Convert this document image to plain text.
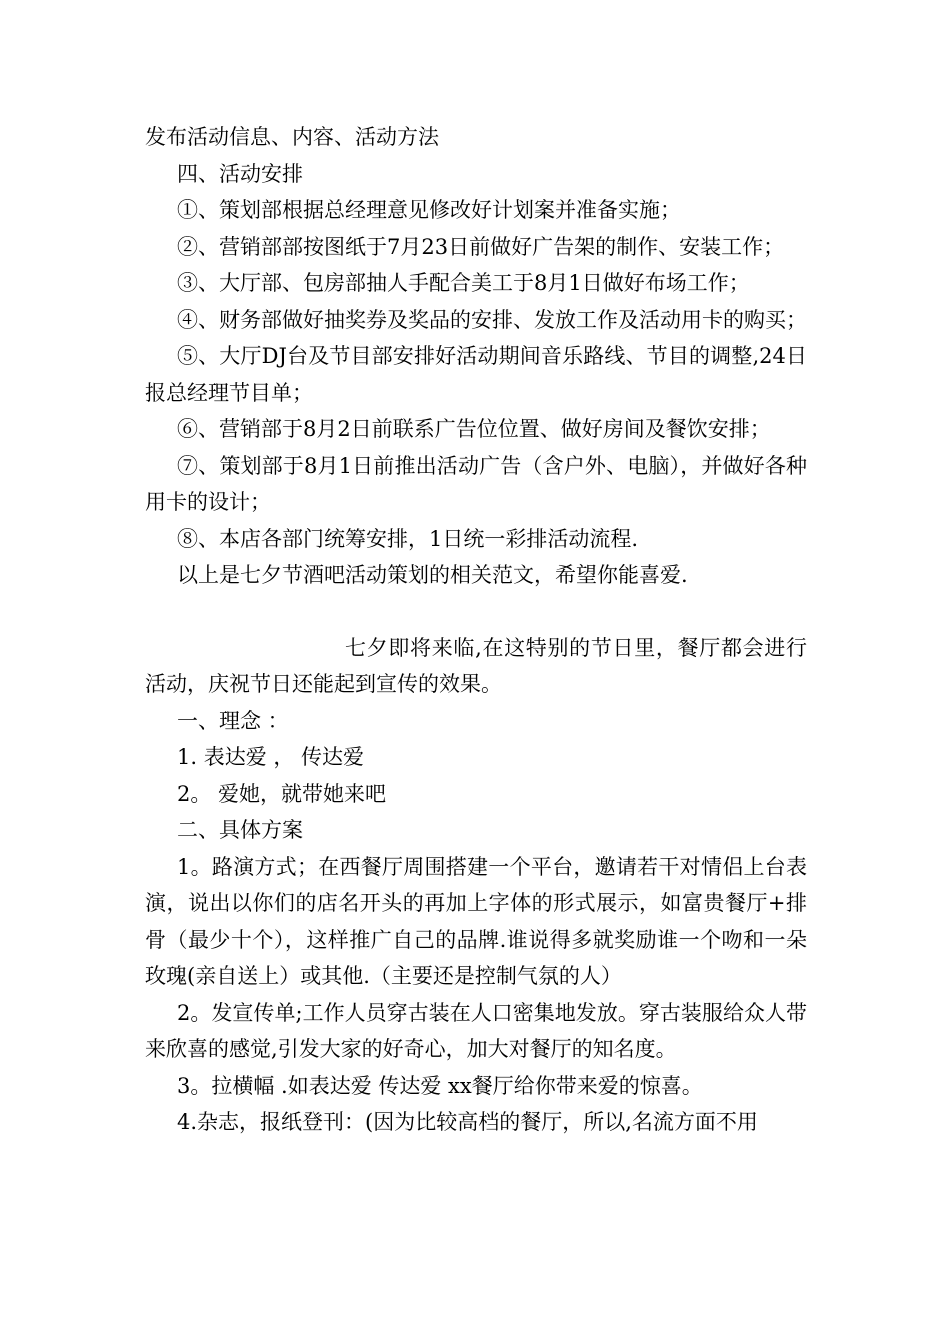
发布活动信息、内容、活动方法

四、活动安排

①、策划部根据总经理意见修改好计划案并准备实施；

②、营销部部按图纸于7月23日前做好广告架的制作、安装工作；

③、大厅部、包房部抽人手配合美工于8月1日做好布场工作；

④、财务部做好抽奖券及奖品的安排、发放工作及活动用卡的购买；

⑤、大厅DJ台及节目部安排好活动期间音乐路线、节目的调整,24日报总经理节目单；

⑥、营销部于8月2日前联系广告位位置、做好房间及餐饮安排；

⑦、策划部于8月1日前推出活动广告（含户外、电脑），并做好各种用卡的设计；

⑧、本店各部门统筹安排，1日统一彩排活动流程.

以上是七夕节酒吧活动策划的相关范文，希望你能喜爱.

七夕即将来临,在这特别的节日里，餐厅都会进行活动，庆祝节日还能起到宣传的效果。

一、理念 ：

1. 表达爱 ， 传达爱

2。 爱她，就带她来吧

二、具体方案

1。路演方式；在西餐厅周围搭建一个平台，邀请若干对情侣上台表演，说出以你们的店名开头的再加上字体的形式展示，如富贵餐厅+排骨（最少十个），这样推广自己的品牌.谁说得多就奖励谁一个吻和一朵玫瑰(亲自送上）或其他.（主要还是控制气氛的人）

2。发宣传单;工作人员穿古装在人口密集地发放。穿古装服给众人带来欣喜的感觉,引发大家的好奇心，加大对餐厅的知名度。

3。拉横幅 .如表达爱 传达爱 xx餐厅给你带来爱的惊喜。

4.杂志，报纸登刊：(因为比较高档的餐厅，所以,名流方面不用
